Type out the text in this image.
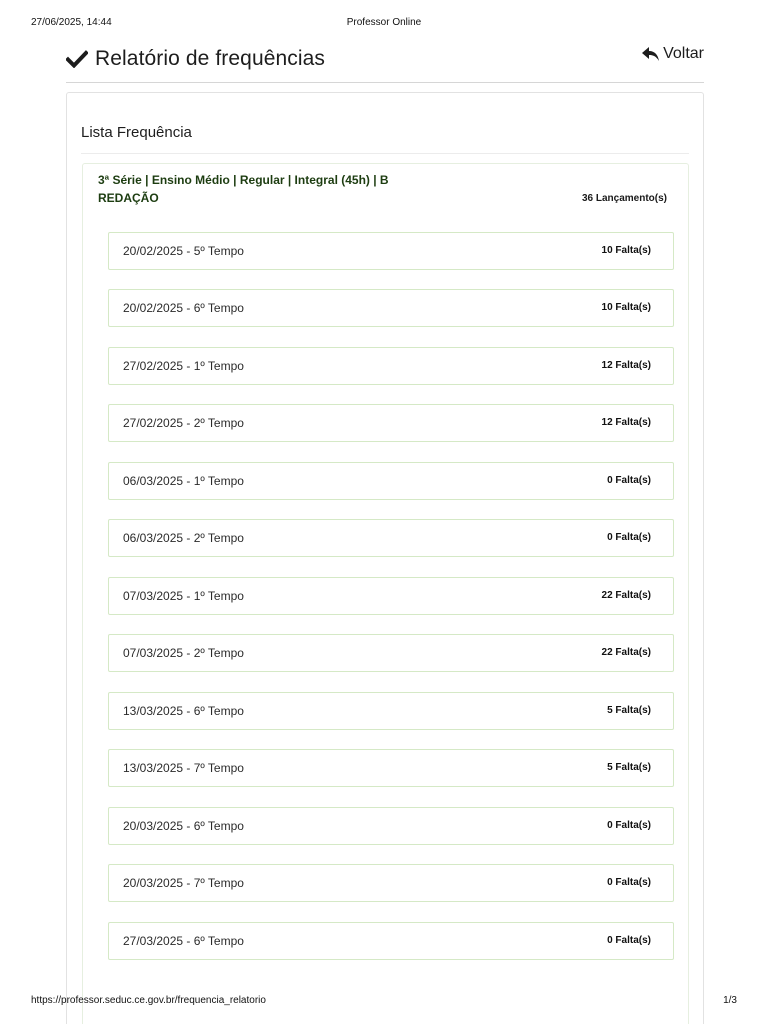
27/06/2025, 14:44	Professor Online
Relatório de frequências	Voltar
Lista Frequência
3ª Série | Ensino Médio | Regular | Integral (45h) | B
REDAÇÃO	36 Lançamento(s)
20/02/2025 - 5º Tempo	10 Falta(s)
20/02/2025 - 6º Tempo	10 Falta(s)
27/02/2025 - 1º Tempo	12 Falta(s)
27/02/2025 - 2º Tempo	12 Falta(s)
06/03/2025 - 1º Tempo	0 Falta(s)
06/03/2025 - 2º Tempo	0 Falta(s)
07/03/2025 - 1º Tempo	22 Falta(s)
07/03/2025 - 2º Tempo	22 Falta(s)
13/03/2025 - 6º Tempo	5 Falta(s)
13/03/2025 - 7º Tempo	5 Falta(s)
20/03/2025 - 6º Tempo	0 Falta(s)
20/03/2025 - 7º Tempo	0 Falta(s)
27/03/2025 - 6º Tempo	0 Falta(s)
https://professor.seduc.ce.gov.br/frequencia_relatorio	1/3
